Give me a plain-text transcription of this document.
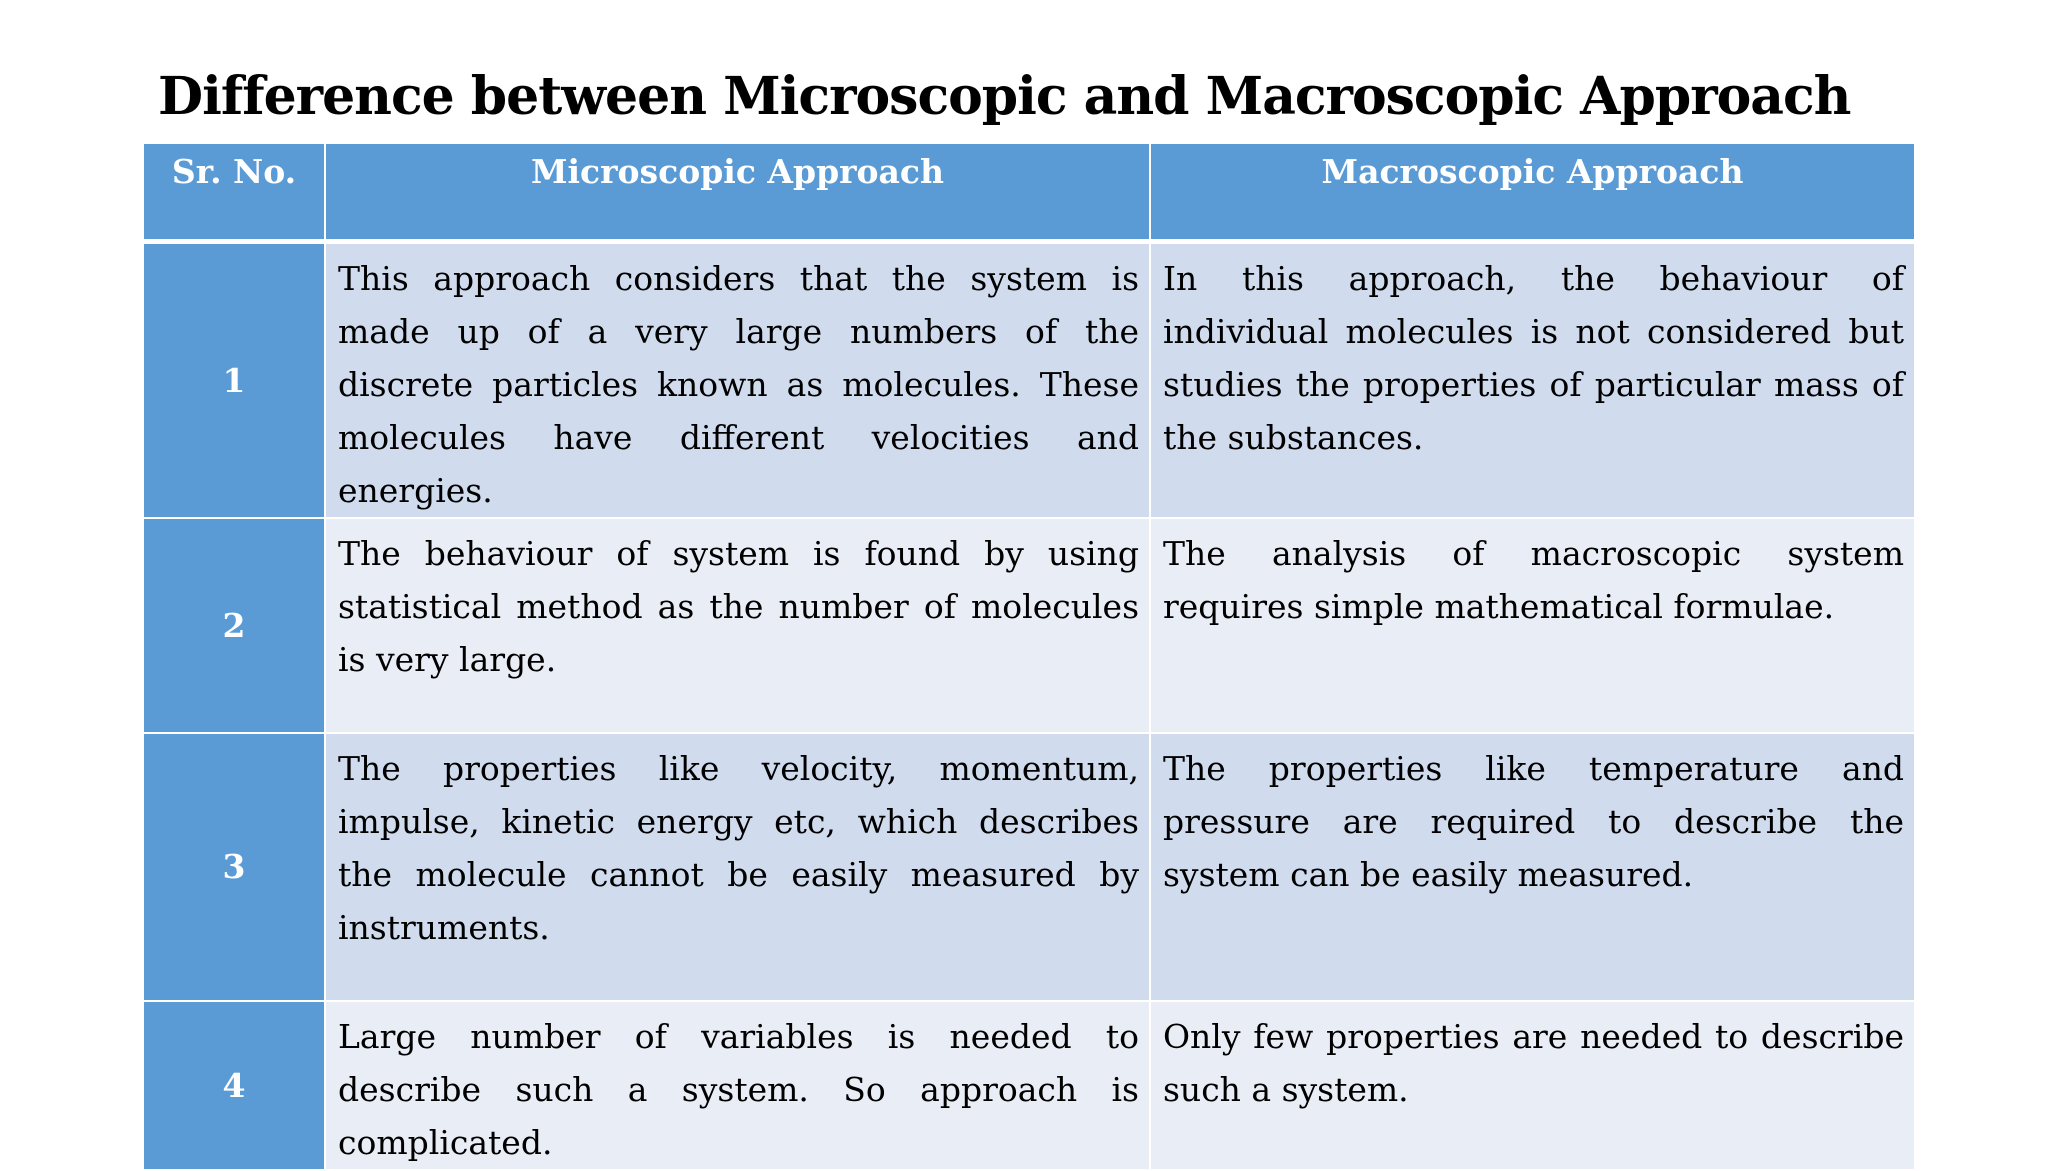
Difference between Microscopic and Macroscopic Approach
Sr. No.	Microscopic Approach	Macroscopic Approach
1	This approach considers that the system is made up of a very large numbers of the discrete particles known as molecules. These molecules have different velocities and energies.	In this approach, the behaviour of individual molecules is not considered but studies the properties of particular mass of the substances.
2	The behaviour of system is found by using statistical method as the number of molecules is very large.	The analysis of macroscopic system requires simple mathematical formulae.
3	The properties like velocity, momentum, impulse, kinetic energy etc, which describes the molecule cannot be easily measured by instruments.	The properties like temperature and pressure are required to describe the system can be easily measured.
4	Large number of variables is needed to describe such a system. So approach is complicated.	Only few properties are needed to describe such a system.
